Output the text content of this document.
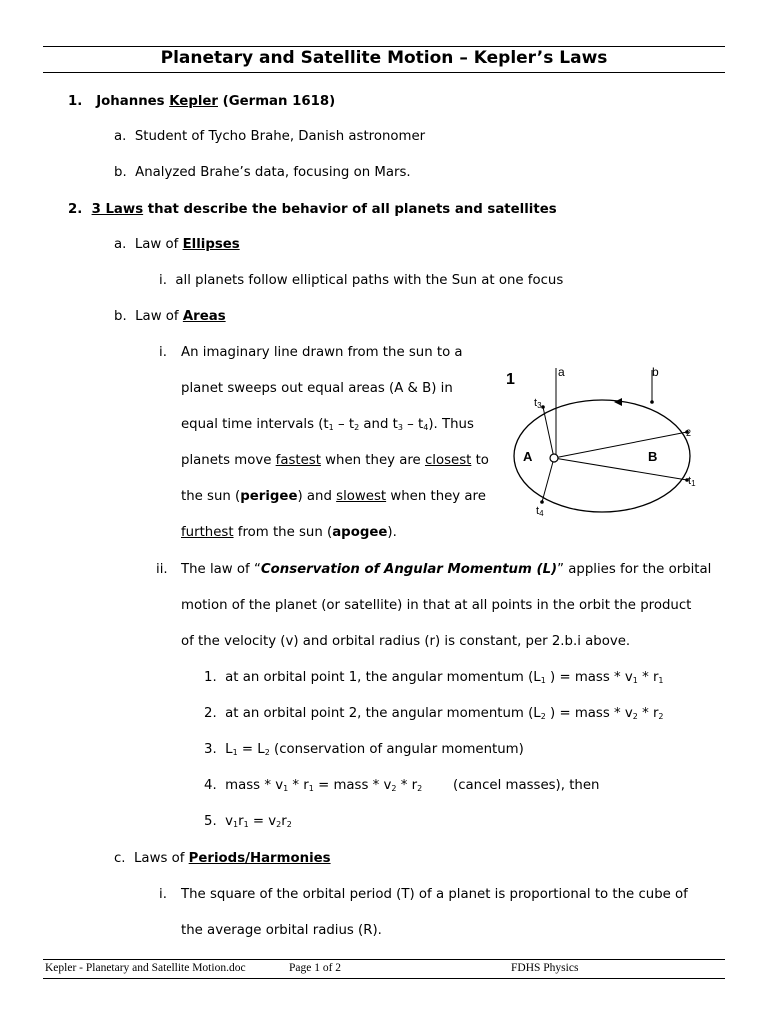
Planetary and Satellite Motion – Kepler’s Laws
1. Johannes Kepler (German 1618)
a. Student of Tycho Brahe, Danish astronomer
b. Analyzed Brahe’s data, focusing on Mars.
2. 3 Laws that describe the behavior of all planets and satellites
a. Law of Ellipses
i. all planets follow elliptical paths with the Sun at one focus
b. Law of Areas
i. An imaginary line drawn from the sun to a
planet sweeps out equal areas (A & B) in
equal time intervals ($t_1 - t_2$ and $t_3 - t_4$). Thus
planets move fastest when they are closest to
the sun (perigee) and slowest when they are
furthest from the sun (apogee).
1	a	b
A	B
t3
2
t1
t4
ii. The law of “Conservation of Angular Momentum (L)” applies for the orbital
motion of the planet (or satellite) in that at all points in the orbit the product
of the velocity (v) and orbital radius (r) is constant, per 2.b.i above.
1. at an orbital point 1, the angular momentum ($L_1$ ) = mass * $v_1 * r_1$
2. at an orbital point 2, the angular momentum ($L_2$ ) = mass * $v_2 * r_2$
3. $L_1 = L_2$ (conservation of angular momentum)
4. mass * $v_1 * r_1$ = mass * $v_2 * r_2$ (cancel masses), then
5. $v_1r_1 = v_2r_2$
c. Laws of Periods/Harmonies
i. The square of the orbital period (T) of a planet is proportional to the cube of
the average orbital radius (R).
Kepler - Planetary and Satellite Motion.doc	Page 1 of 2	FDHS Physics
